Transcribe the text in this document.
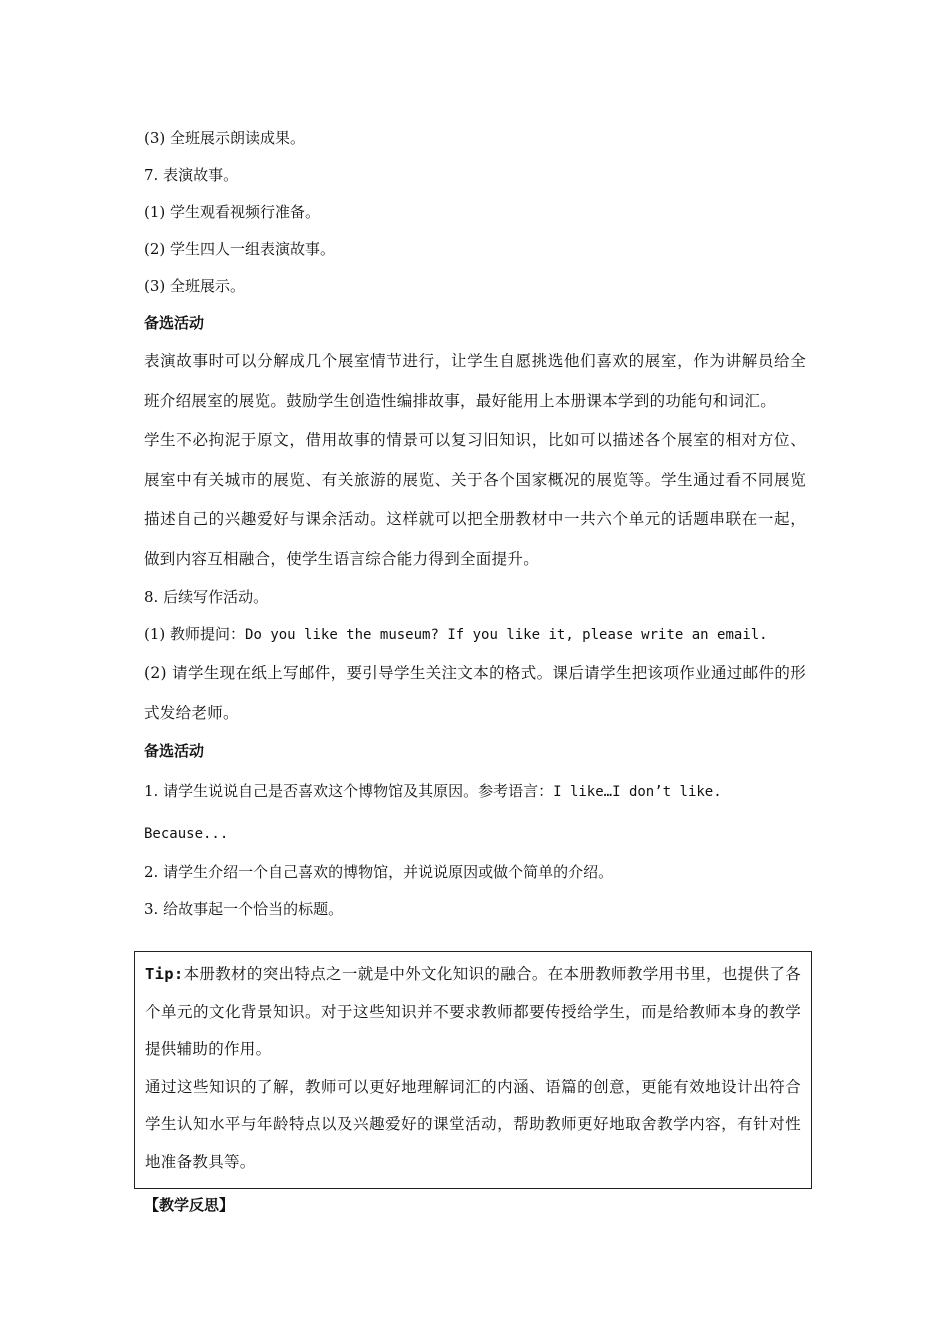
(3) 全班展示朗读成果。
7. 表演故事。
(1) 学生观看视频行准备。
(2) 学生四人一组表演故事。
(3) 全班展示。
备选活动
表演故事时可以分解成几个展室情节进行，让学生自愿挑选他们喜欢的展室，作为讲解员给全班介绍展室的展览。鼓励学生创造性编排故事，最好能用上本册课本学到的功能句和词汇。
学生不必拘泥于原文，借用故事的情景可以复习旧知识，比如可以描述各个展室的相对方位、展室中有关城市的展览、有关旅游的展览、关于各个国家概况的展览等。学生通过看不同展览描述自己的兴趣爱好与课余活动。这样就可以把全册教材中一共六个单元的话题串联在一起，做到内容互相融合，使学生语言综合能力得到全面提升。
8. 后续写作活动。
(1) 教师提问：Do you like the museum? If you like it, please write an email.
(2) 请学生现在纸上写邮件，要引导学生关注文本的格式。课后请学生把该项作业通过邮件的形式发给老师。
备选活动
1. 请学生说说自己是否喜欢这个博物馆及其原因。参考语言：I like…I don’t like.
Because...
2. 请学生介绍一个自己喜欢的博物馆，并说说原因或做个简单的介绍。
3. 给故事起一个恰当的标题。
Tip:本册教材的突出特点之一就是中外文化知识的融合。在本册教师教学用书里，也提供了各个单元的文化背景知识。对于这些知识并不要求教师都要传授给学生，而是给教师本身的教学提供辅助的作用。
通过这些知识的了解，教师可以更好地理解词汇的内涵、语篇的创意，更能有效地设计出符合学生认知水平与年龄特点以及兴趣爱好的课堂活动，帮助教师更好地取舍教学内容，有针对性地准备教具等。
【教学反思】
